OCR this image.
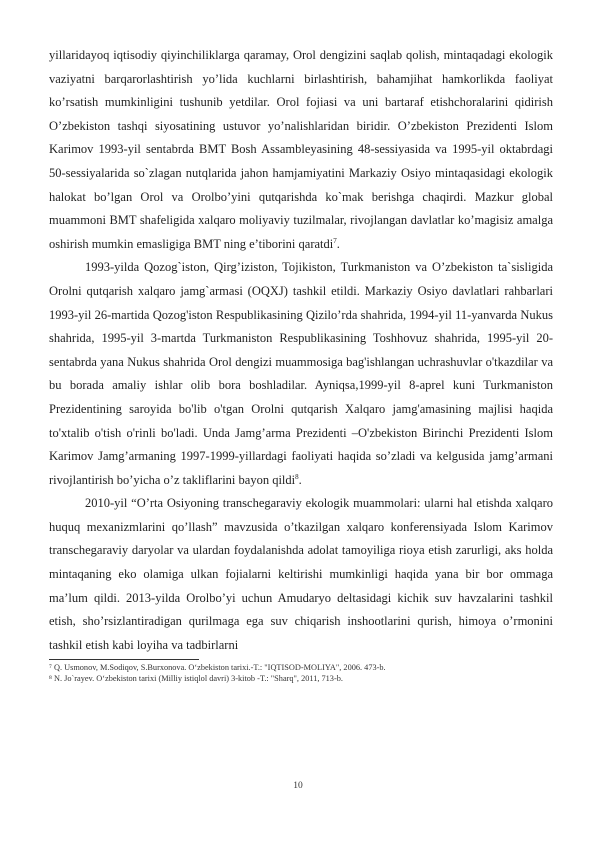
yillaridayoq iqtisodiy qiyinchiliklarga qaramay, Orol dengizini saqlab qolish, mintaqadagi ekologik vaziyatni barqarorlashtirish yo’lida kuchlarni birlashtirish, bahamjihat hamkorlikda faoliyat ko’rsatish mumkinligini tushunib yetdilar. Orol fojiasi va uni bartaraf etishchoralarini qidirish O’zbekiston tashqi siyosatining ustuvor yo’nalishlaridan biridir. O’zbekiston Prezidenti Islom Karimov 1993-yil sentabrda BMT Bosh Assambleyasining 48-sessiyasida va 1995-yil oktabrdagi 50-sessiyalarida so`zlagan nutqlarida jahon hamjamiyatini Markaziy Osiyo mintaqasidagi ekologik halokat bo’lgan Orol va Orolbo’yini qutqarishda ko`mak berishga chaqirdi. Mazkur global muammoni BMT shafeligida xalqaro moliyaviy tuzilmalar, rivojlangan davlatlar ko’magisiz amalga oshirish mumkin emasligiga BMT ning e’tiborini qaratdi$^7$.

1993-yilda Qozog`iston, Qirg’iziston, Tojikiston, Turkmaniston va O’zbekiston ta`sisligida Orolni qutqarish xalqaro jamg`armasi (OQXJ) tashkil etildi. Markaziy Osiyo davlatlari rahbarlari 1993-yil 26-martida Qozog'iston Respublikasining Qizilo’rda shahrida, 1994-yil 11-yanvarda Nukus shahrida, 1995-yil 3-martda Turkmaniston Respublikasining Toshhovuz shahrida, 1995-yil 20-sentabrda yana Nukus shahrida Orol dengizi muammosiga bag'ishlangan uchrashuvlar o'tkazdilar va bu borada amaliy ishlar olib bora boshladilar. Ayniqsa,1999-yil 8-aprel kuni Turkmaniston Prezidentining saroyida bo'lib o'tgan Orolni qutqarish Xalqaro jamg'amasining majlisi haqida to'xtalib o'tish o'rinli bo'ladi. Unda Jamg’arma Prezidenti –O'zbekiston Birinchi Prezidenti Islom Karimov Jamg’armaning 1997-1999-yillardagi faoliyati haqida so’zladi va kelgusida jamg’armani rivojlantirish bo’yicha o’z takliflarini bayon qildi$^8$.

2010-yil “O’rta Osiyoning transchegaraviy ekologik muammolari: ularni hal etishda xalqaro huquq mexanizmlarini qo’llash” mavzusida o’tkazilgan xalqaro konferensiyada Islom Karimov transchegaraviy daryolar va ulardan foydalanishda adolat tamoyiliga rioya etish zarurligi, aks holda mintaqaning eko olamiga ulkan fojialarni keltirishi mumkinligi haqida yana bir bor ommaga ma’lum qildi. 2013-yilda Orolbo’yi uchun Amudaryo deltasidagi kichik suv havzalarini tashkil etish, sho’rsizlantiradigan qurilmaga ega suv chiqarish inshootlarini qurish, himoya o’rmonini tashkil etish kabi loyiha va tadbirlarni

⁷ Q. Usmonov, M.Sodiqov, S.Burxonova. O‘zbekiston tarixi.-T.: "IQTISOD-MOLIYA", 2006. 473-b.

⁸ N. Jo`rayev. O‘zbekiston tarixi (Milliy istiqlol davri) 3-kitob -T.: "Sharq", 2011, 713-b.

10
